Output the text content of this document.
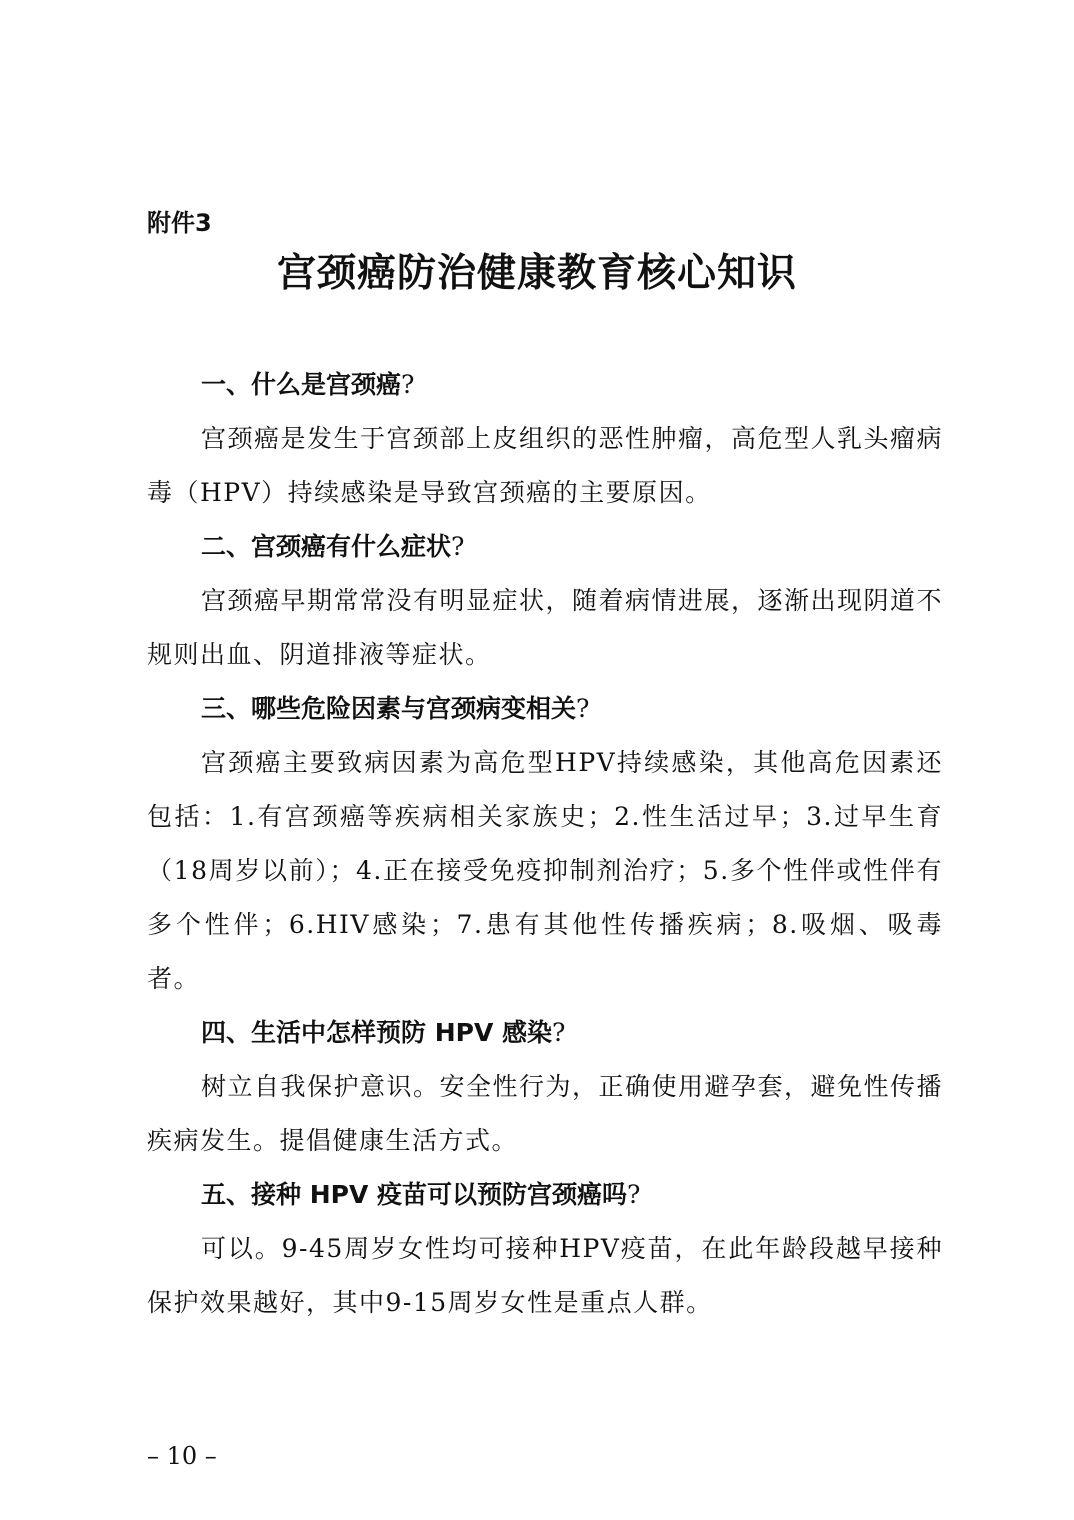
附件3

宫颈癌防治健康教育核心知识
一、什么是宫颈癌?

宫颈癌是发生于宫颈部上皮组织的恶性肿瘤，高危型人乳头瘤病毒（HPV）持续感染是导致宫颈癌的主要原因。

二、宫颈癌有什么症状?

宫颈癌早期常常没有明显症状，随着病情进展，逐渐出现阴道不规则出血、阴道排液等症状。

三、哪些危险因素与宫颈病变相关?

宫颈癌主要致病因素为高危型HPV持续感染，其他高危因素还包括：1.有宫颈癌等疾病相关家族史；2.性生活过早；3.过早生育（18周岁以前）；4.正在接受免疫抑制剂治疗；5.多个性伴或性伴有多个性伴；6.HIV感染；7.患有其他性传播疾病；8.吸烟、吸毒者。

四、生活中怎样预防 HPV 感染?

树立自我保护意识。安全性行为，正确使用避孕套，避免性传播疾病发生。提倡健康生活方式。

五、接种 HPV 疫苗可以预防宫颈癌吗?

可以。9-45周岁女性均可接种HPV疫苗，在此年龄段越早接种保护效果越好，其中9-15周岁女性是重点人群。

– 10 –
